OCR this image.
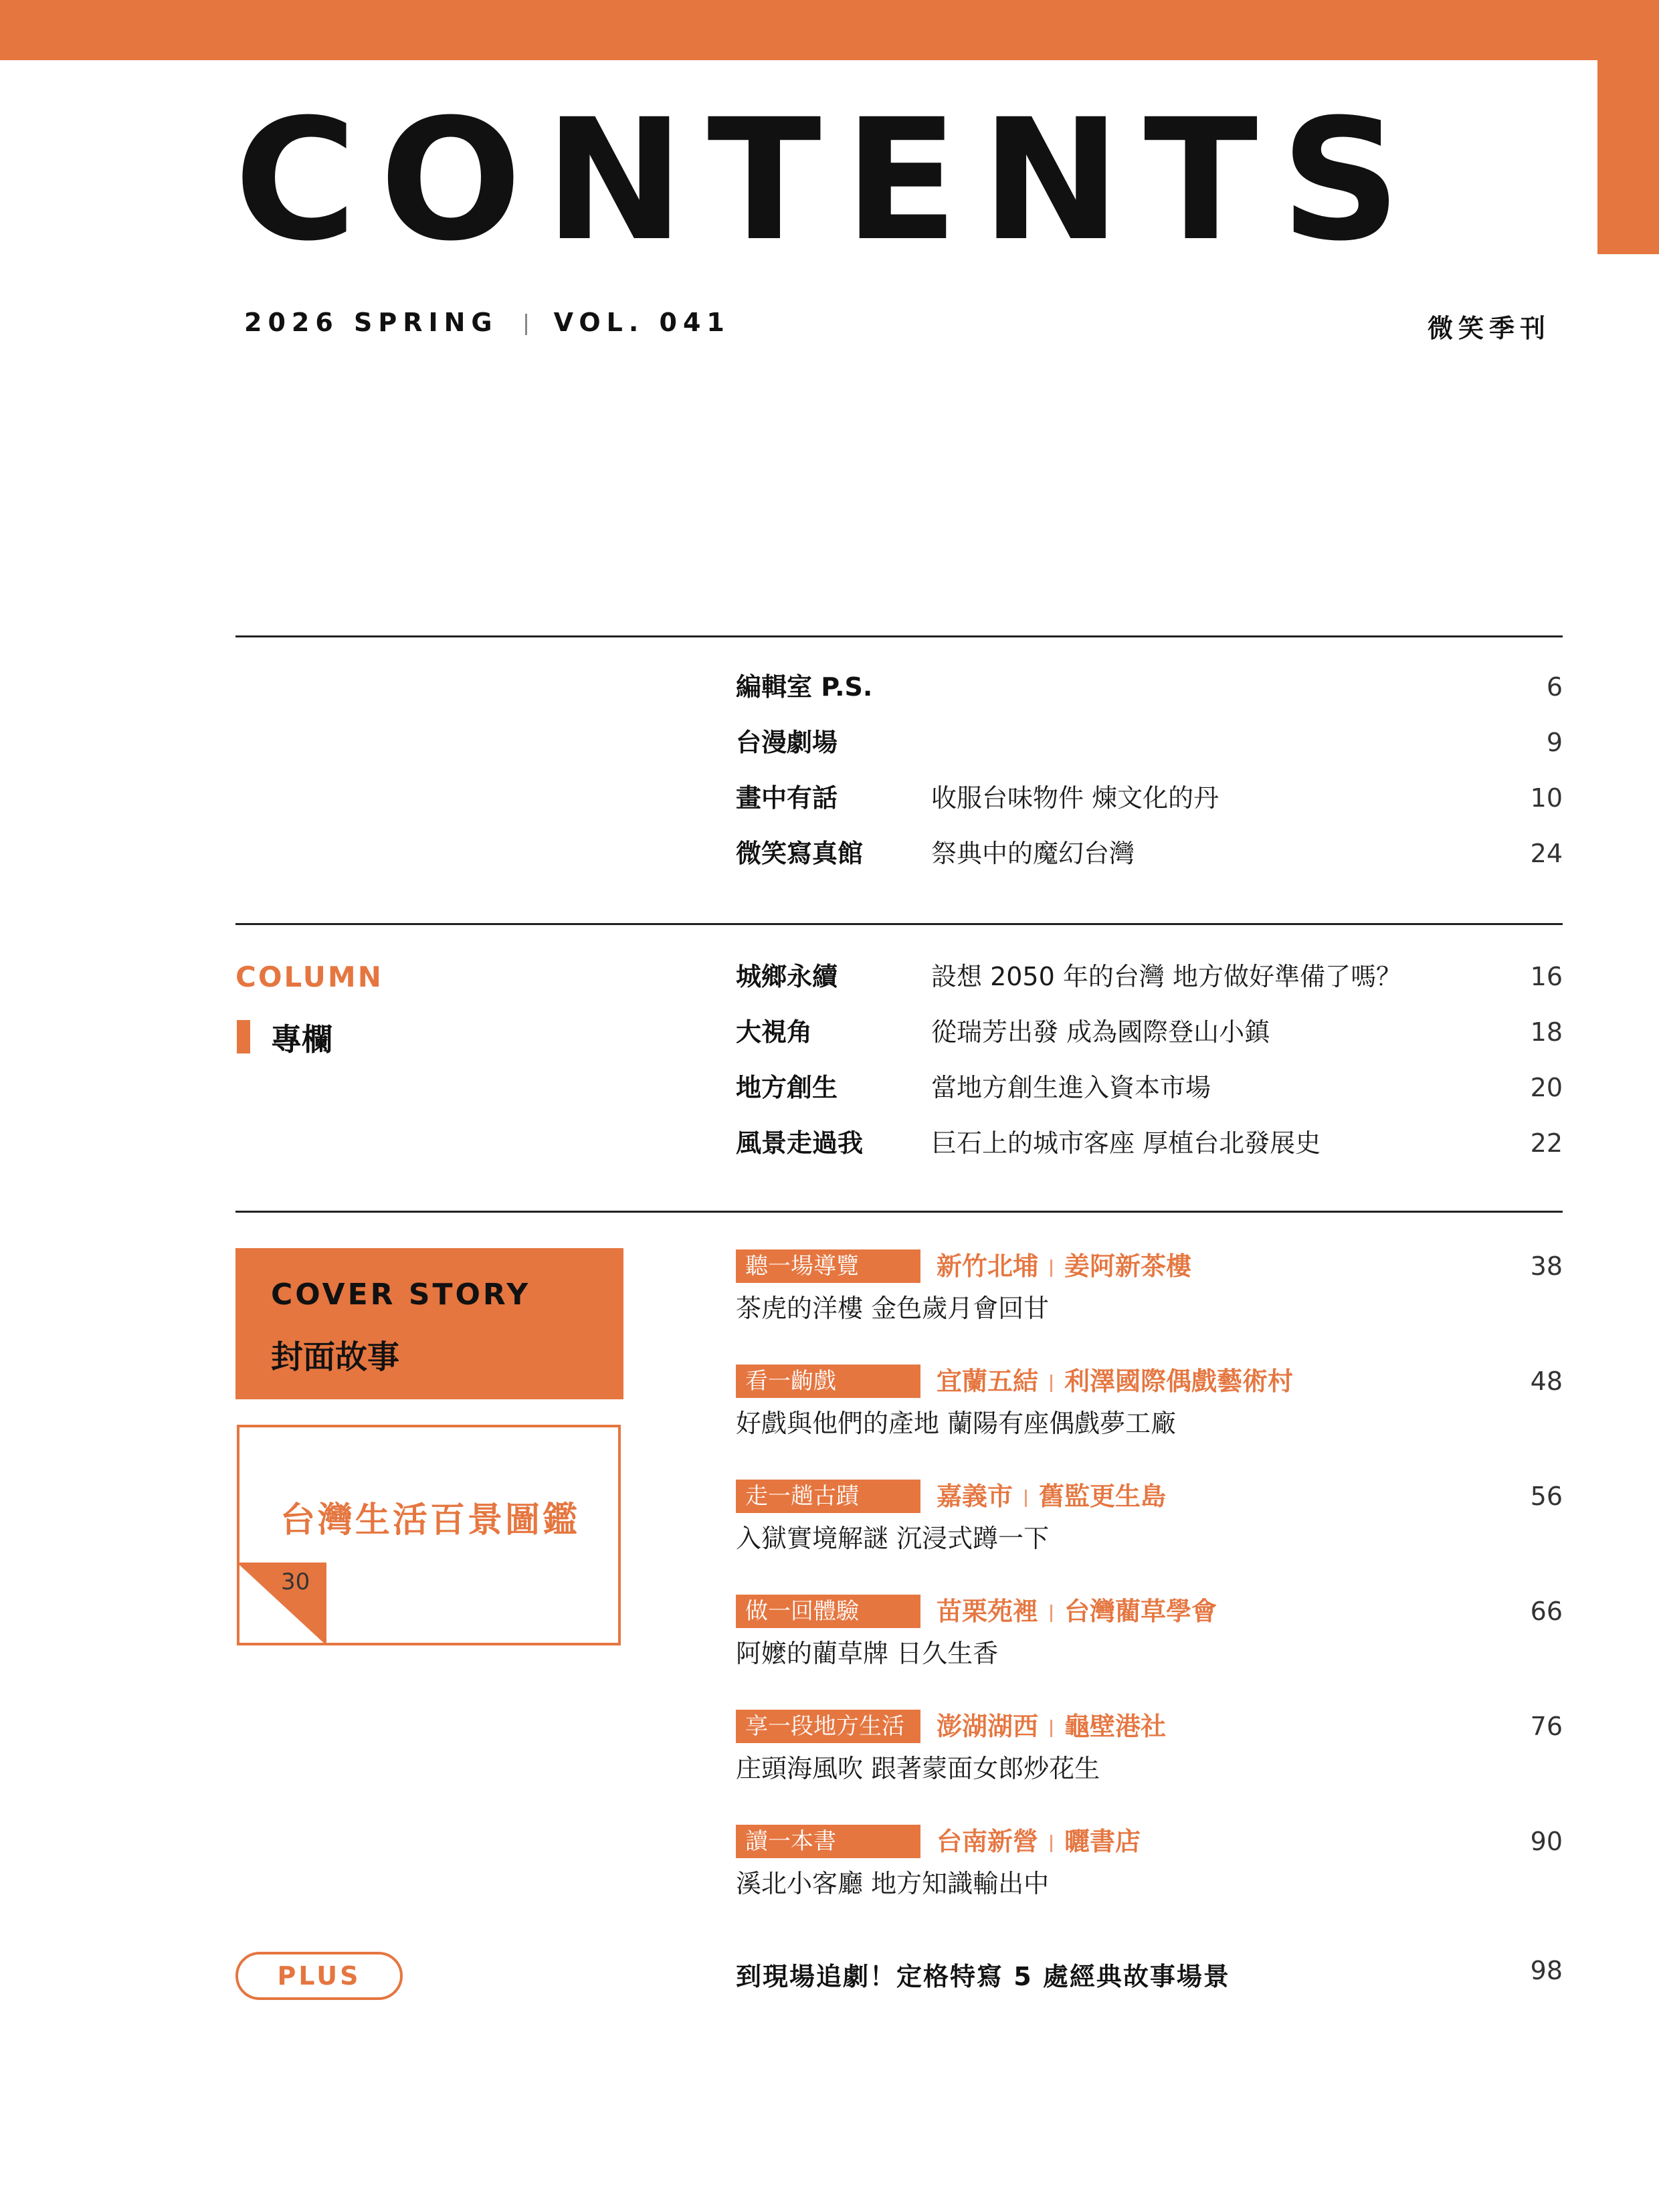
CONTENTS
2026 SPRING VOL. 041	微笑季刊
編輯室 P.S.	6
台漫劇場	9
畫中有話	收服台味物件 煉文化的丹	10
微笑寫真館	祭典中的魔幻台灣	24
COLUMN
專欄
城鄉永續	設想 2050 年的台灣 地方做好準備了嗎？	16
大視角	從瑞芳出發 成為國際登山小鎮	18
地方創生	當地方創生進入資本市場	20
風景走過我	巨石上的城市客座 厚植台北發展史	22
COVER STORY
封面故事
台灣生活百景圖鑑
30
聽一場導覽	新竹北埔 姜阿新茶樓	38
茶虎的洋樓 金色歲月會回甘
看一齣戲	宜蘭五結 利澤國際偶戲藝術村	48
好戲與他們的產地 蘭陽有座偶戲夢工廠
走一趟古蹟	嘉義市 舊監更生島	56
入獄實境解謎 沉浸式蹲一下
做一回體驗	苗栗苑裡 台灣藺草學會	66
阿嬤的藺草牌 日久生香
享一段地方生活	澎湖湖西 龜壁港社	76
庄頭海風吹 跟著蒙面女郎炒花生
讀一本書	台南新營 曬書店	90
溪北小客廳 地方知識輸出中
PLUS	到現場追劇！定格特寫 5 處經典故事場景	98
